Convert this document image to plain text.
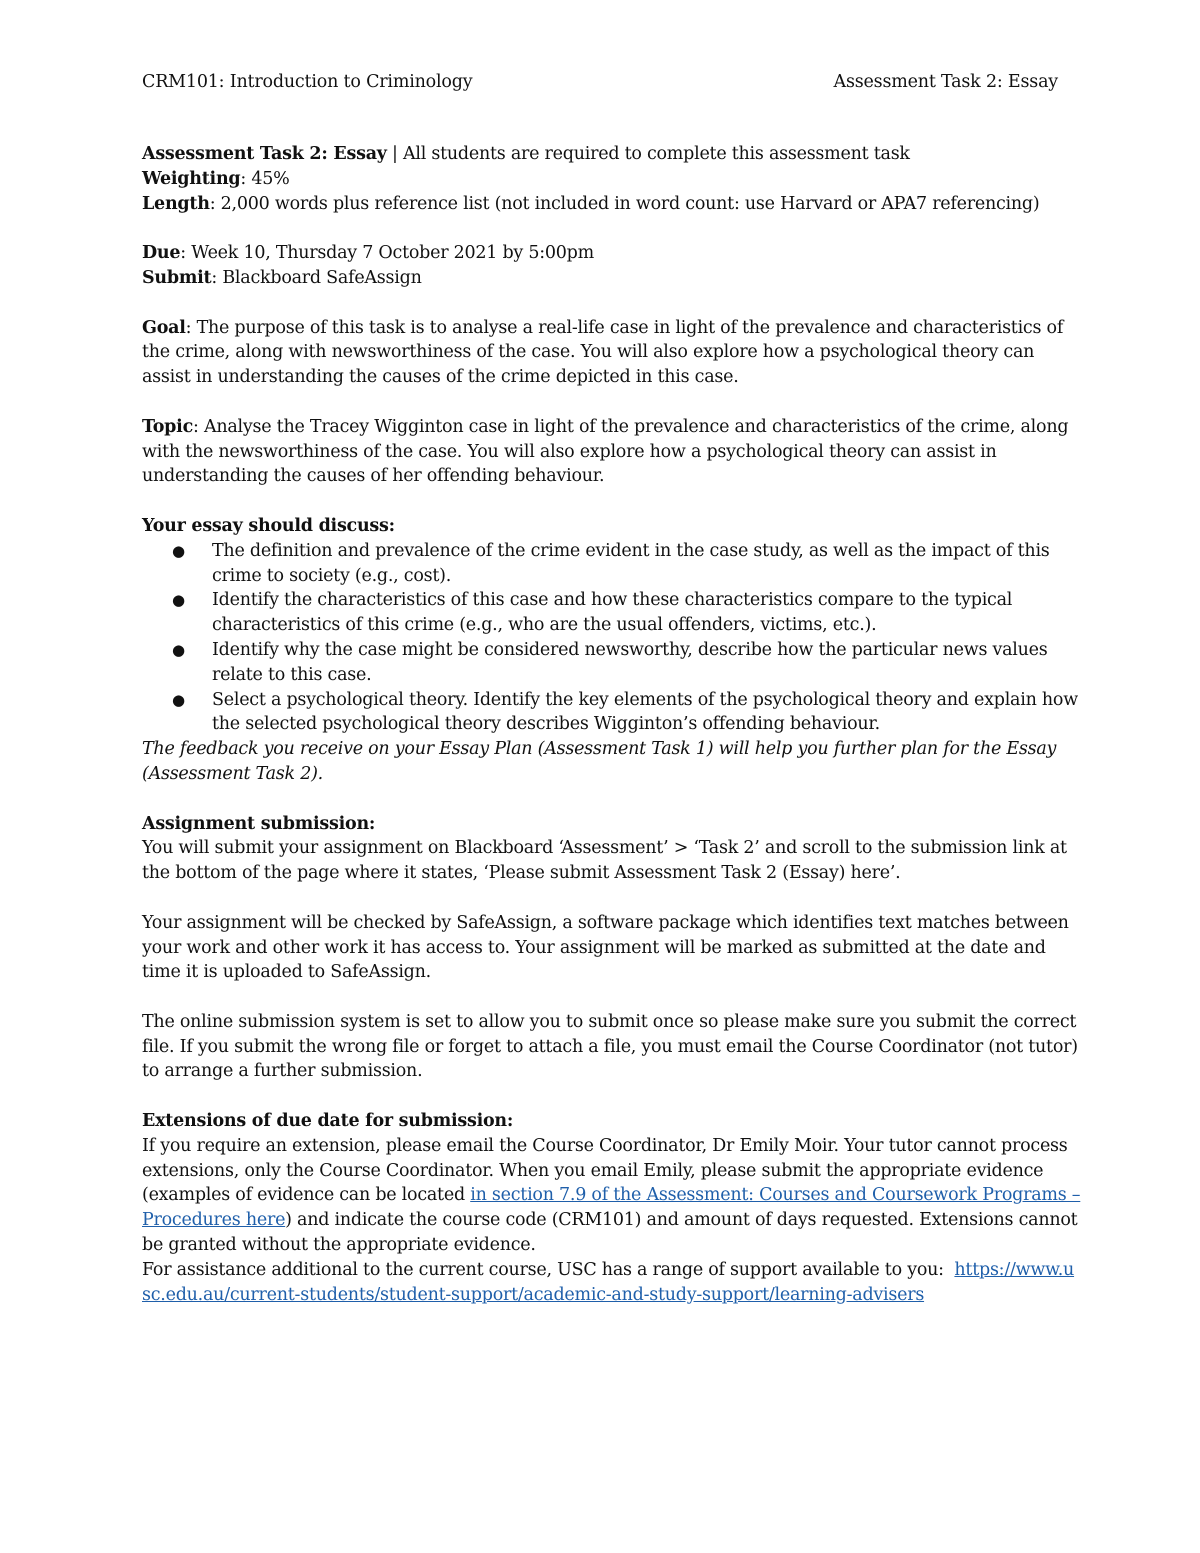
CRM101: Introduction to Criminology	Assessment Task 2: Essay

Assessment Task 2: Essay | All students are required to complete this assessment task

Weighting: 45%

Length: 2,000 words plus reference list (not included in word count: use Harvard or APA7 referencing)

Due: Week 10, Thursday 7 October 2021 by 5:00pm

Submit: Blackboard SafeAssign

Goal: The purpose of this task is to analyse a real-life case in light of the prevalence and characteristics of the crime, along with newsworthiness of the case. You will also explore how a psychological theory can assist in understanding the causes of the crime depicted in this case.

Topic: Analyse the Tracey Wigginton case in light of the prevalence and characteristics of the crime, along with the newsworthiness of the case. You will also explore how a psychological theory can assist in understanding the causes of her offending behaviour.

Your essay should discuss:

● The definition and prevalence of the crime evident in the case study, as well as the impact of this crime to society (e.g., cost).
● Identify the characteristics of this case and how these characteristics compare to the typical characteristics of this crime (e.g., who are the usual offenders, victims, etc.).
● Identify why the case might be considered newsworthy, describe how the particular news values relate to this case.
● Select a psychological theory. Identify the key elements of the psychological theory and explain how the selected psychological theory describes Wigginton’s offending behaviour.

The feedback you receive on your Essay Plan (Assessment Task 1) will help you further plan for the Essay (Assessment Task 2).

Assignment submission:

You will submit your assignment on Blackboard ‘Assessment’ > ‘Task 2’ and scroll to the submission link at the bottom of the page where it states, ‘Please submit Assessment Task 2 (Essay) here’.

Your assignment will be checked by SafeAssign, a software package which identifies text matches between your work and other work it has access to. Your assignment will be marked as submitted at the date and time it is uploaded to SafeAssign.

The online submission system is set to allow you to submit once so please make sure you submit the correct file. If you submit the wrong file or forget to attach a file, you must email the Course Coordinator (not tutor) to arrange a further submission.

Extensions of due date for submission:

If you require an extension, please email the Course Coordinator, Dr Emily Moir. Your tutor cannot process extensions, only the Course Coordinator. When you email Emily, please submit the appropriate evidence  (examples of evidence can be located in section 7.9 of the Assessment: Courses and Coursework Programs – Procedures here) and indicate the course code (CRM101) and amount of days requested. Extensions cannot be granted without the appropriate evidence.

For assistance additional to the current course, USC has a range of support available to you:  https://www.usc.edu.au/current-students/student-support/academic-and-study-support/learning-advisers
